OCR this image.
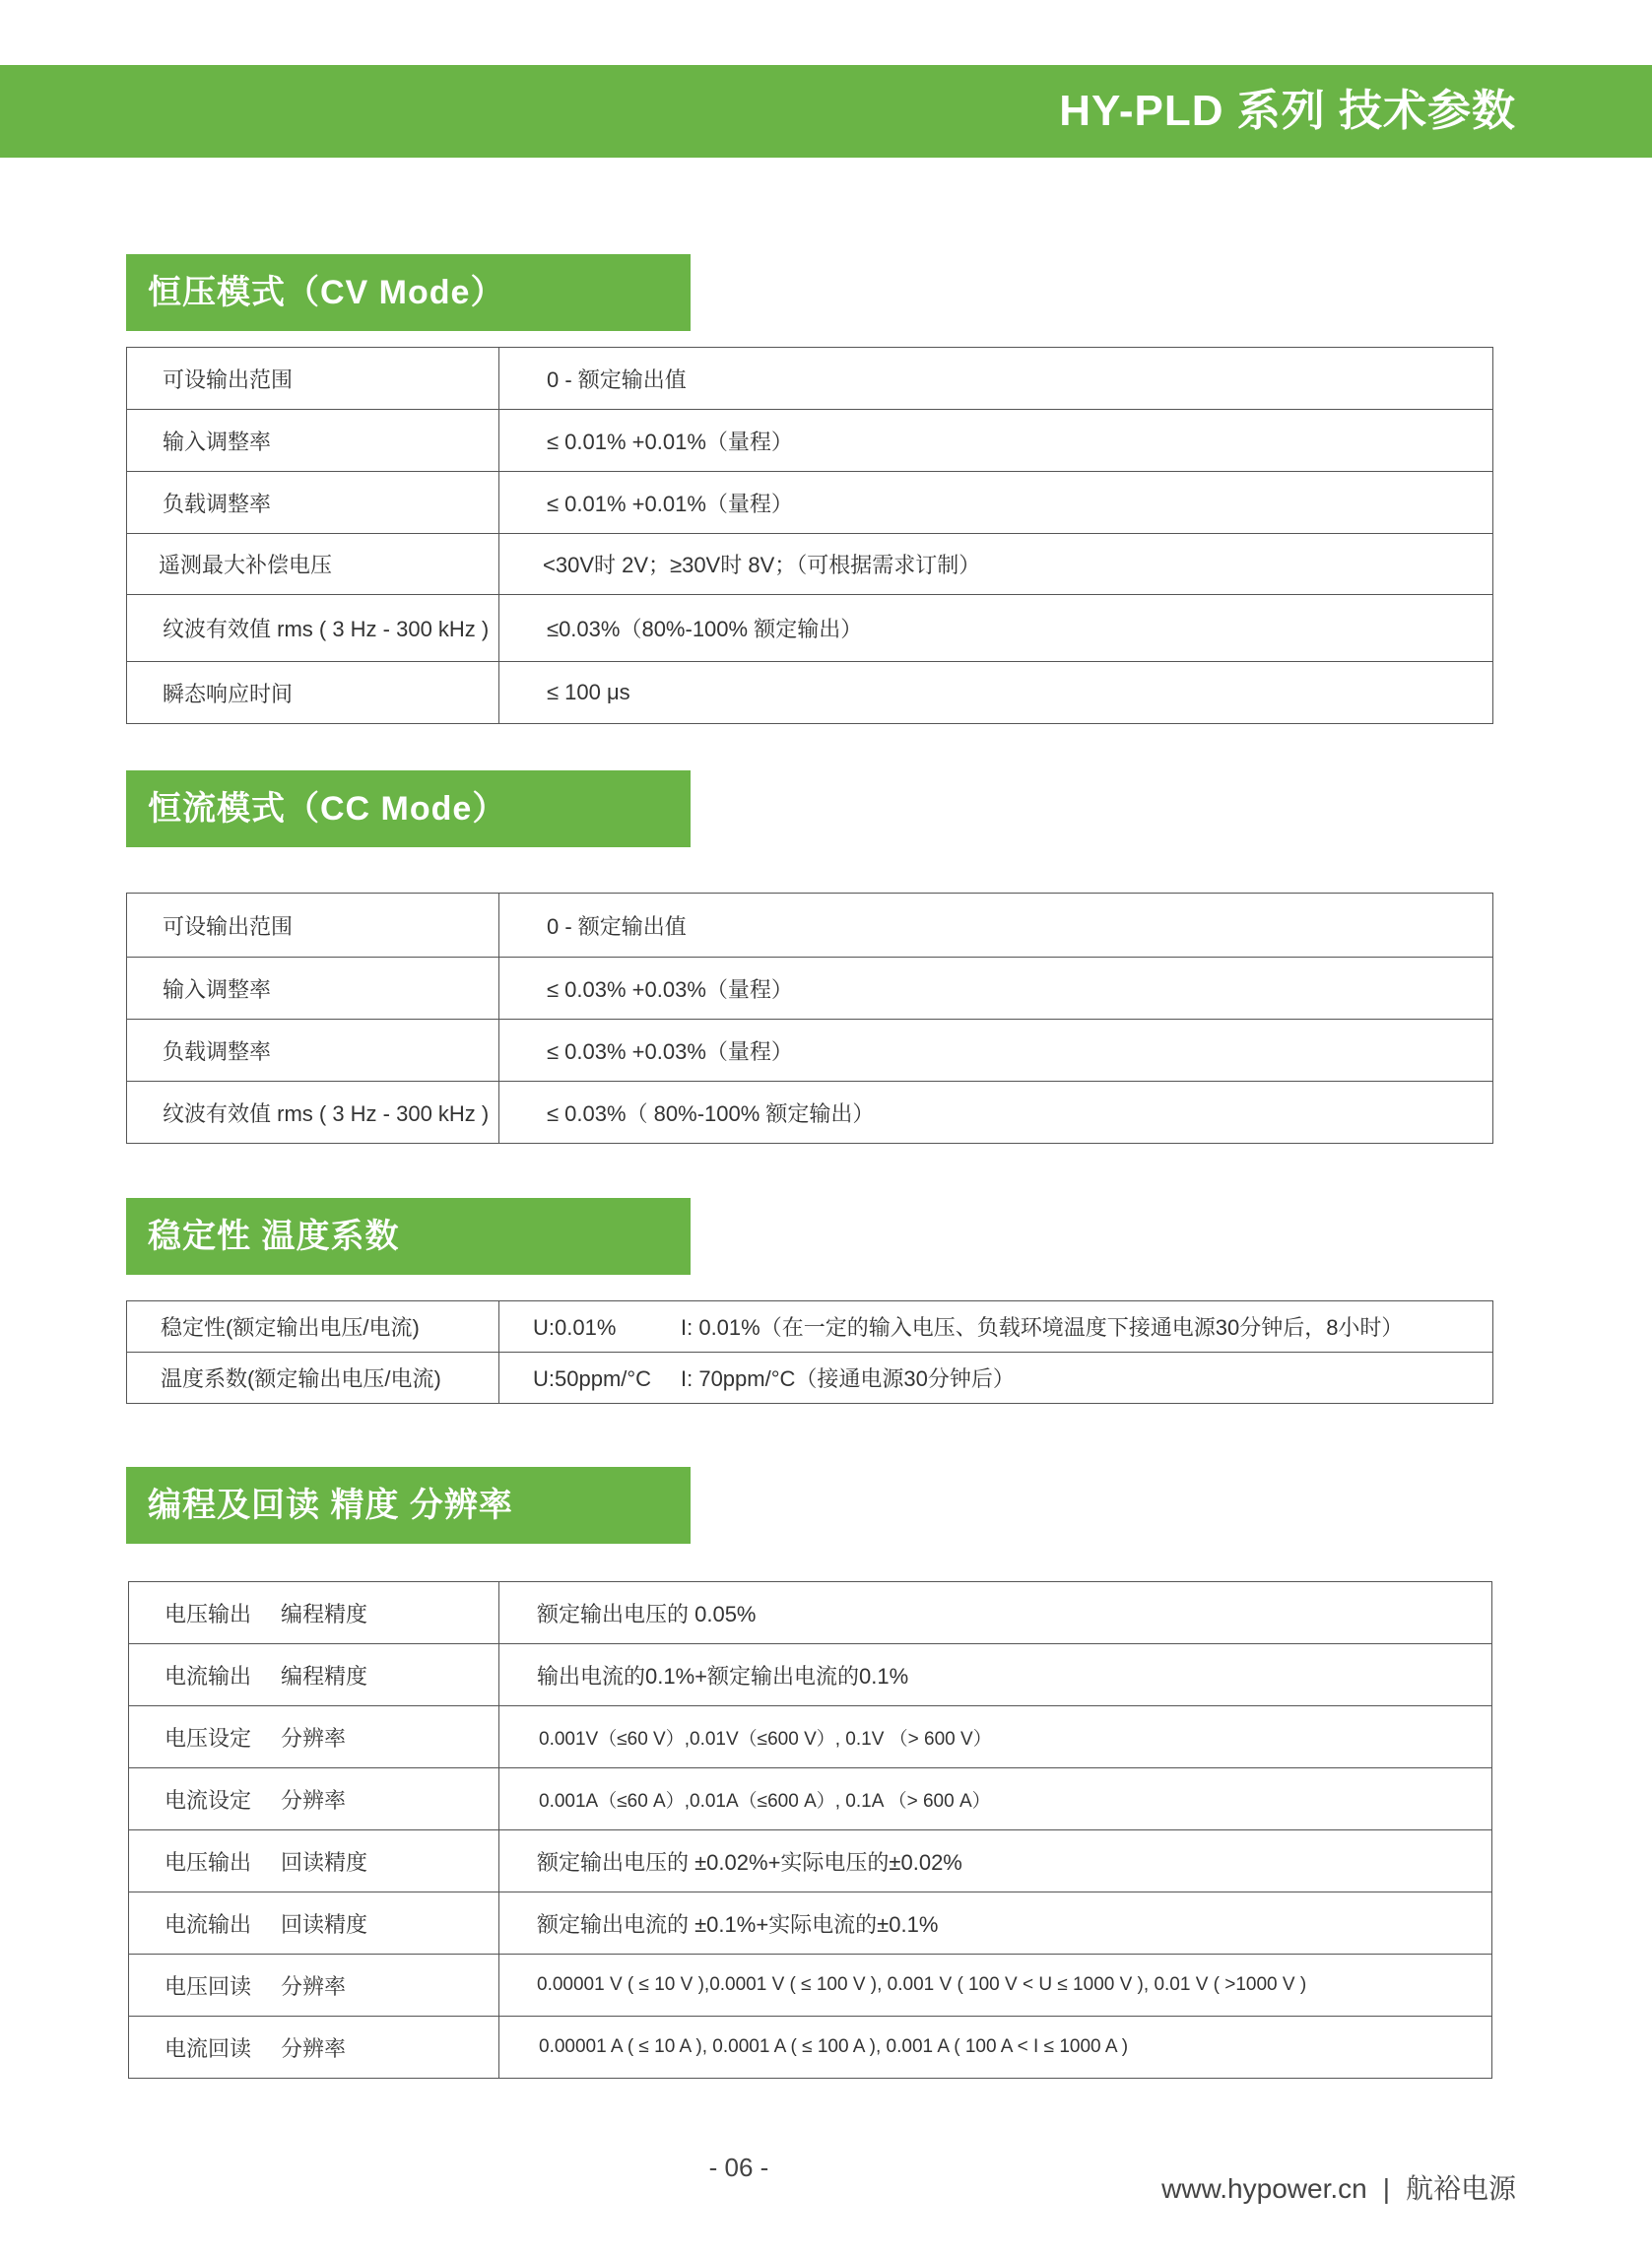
HY-PLD 系列 技术参数
恒压模式（CV Mode）
可设输出范围	0 - 额定输出值
输入调整率	≤ 0.01% +0.01%（量程）
负载调整率	≤ 0.01% +0.01%（量程）
遥测最大补偿电压	<30V时 2V；≥30V时 8V；（可根据需求订制）
纹波有效值 rms ( 3 Hz - 300 kHz )	≤0.03%（80%-100% 额定输出）
瞬态响应时间	≤ 100 μs
恒流模式（CC Mode）
可设输出范围	0 - 额定输出值
输入调整率	≤ 0.03% +0.03%（量程）
负载调整率	≤ 0.03% +0.03%（量程）
纹波有效值 rms ( 3 Hz - 300 kHz )	≤ 0.03%（ 80%-100% 额定输出）
稳定性 温度系数
稳定性(额定输出电压/电流)	U:0.01% I: 0.01%（在一定的输入电压、负载环境温度下接通电源30分钟后，8小时）
温度系数(额定输出电压/电流)	U:50ppm/°C I: 70ppm/°C（接通电源30分钟后）
编程及回读 精度 分辨率
电压输出 编程精度	额定输出电压的 0.05%
电流输出 编程精度	输出电流的0.1%+额定输出电流的0.1%
电压设定 分辨率	0.001V（≤60 V）,0.01V（≤600 V）, 0.1V （> 600 V）
电流设定 分辨率	0.001A（≤60 A）,0.01A（≤600 A）, 0.1A （> 600 A）
电压输出 回读精度	额定输出电压的 ±0.02%+实际电压的±0.02%
电流输出 回读精度	额定输出电流的 ±0.1%+实际电流的±0.1%
电压回读 分辨率	0.00001 V ( ≤ 10 V ),0.0001 V ( ≤ 100 V ), 0.001 V ( 100 V < U ≤ 1000 V ), 0.01 V ( >1000 V )
电流回读 分辨率	0.00001 A ( ≤ 10 A ), 0.0001 A ( ≤ 100 A ), 0.001 A ( 100 A < I ≤ 1000 A )
- 06 -
www.hypower.cn | 航裕电源
